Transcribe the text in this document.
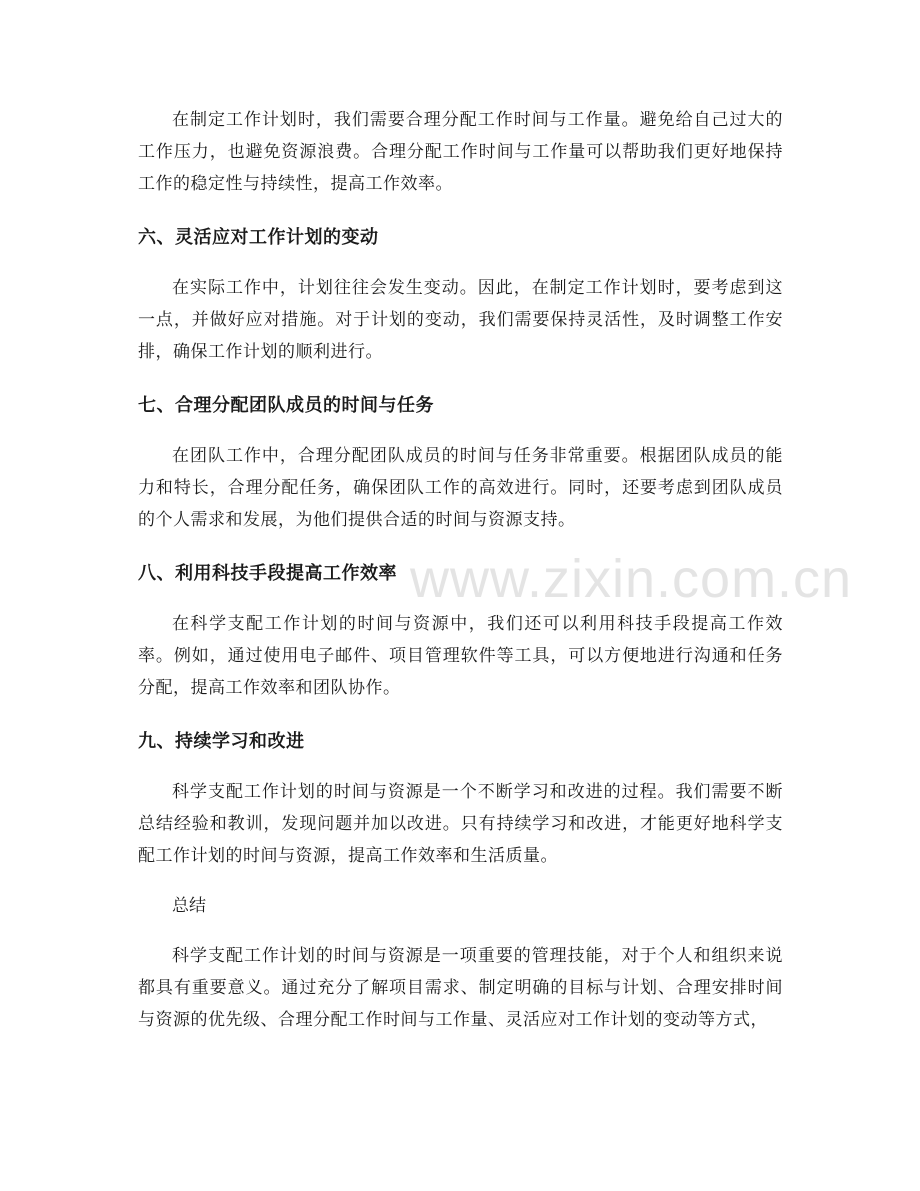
在制定工作计划时，我们需要合理分配工作时间与工作量。避免给自己过大的工作压力，也避免资源浪费。合理分配工作时间与工作量可以帮助我们更好地保持工作的稳定性与持续性，提高工作效率。

六、灵活应对工作计划的变动

在实际工作中，计划往往会发生变动。因此，在制定工作计划时，要考虑到这一点，并做好应对措施。对于计划的变动，我们需要保持灵活性，及时调整工作安排，确保工作计划的顺利进行。

七、合理分配团队成员的时间与任务

在团队工作中，合理分配团队成员的时间与任务非常重要。根据团队成员的能力和特长，合理分配任务，确保团队工作的高效进行。同时，还要考虑到团队成员的个人需求和发展，为他们提供合适的时间与资源支持。

八、利用科技手段提高工作效率

在科学支配工作计划的时间与资源中，我们还可以利用科技手段提高工作效率。例如，通过使用电子邮件、项目管理软件等工具，可以方便地进行沟通和任务分配，提高工作效率和团队协作。

九、持续学习和改进

科学支配工作计划的时间与资源是一个不断学习和改进的过程。我们需要不断总结经验和教训，发现问题并加以改进。只有持续学习和改进，才能更好地科学支配工作计划的时间与资源，提高工作效率和生活质量。

总结

科学支配工作计划的时间与资源是一项重要的管理技能，对于个人和组织来说都具有重要意义。通过充分了解项目需求、制定明确的目标与计划、合理安排时间与资源的优先级、合理分配工作时间与工作量、灵活应对工作计划的变动等方式，

www.zixin.com.cn
